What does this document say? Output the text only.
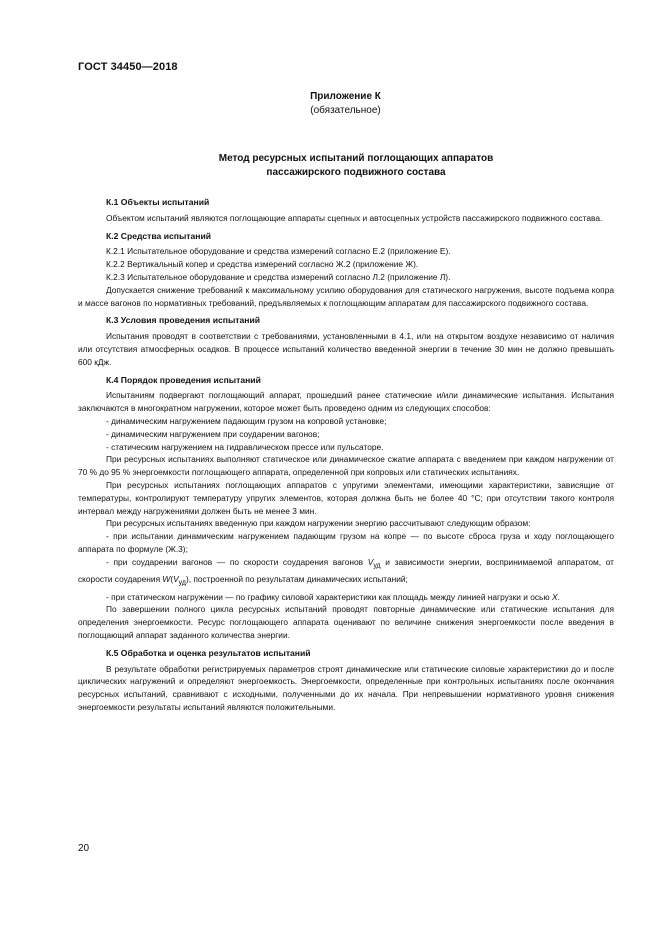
ГОСТ 34450—2018
Приложение К
(обязательное)
Метод ресурсных испытаний поглощающих аппаратов
пассажирского подвижного состава
К.1 Объекты испытаний

Объектом испытаний являются поглощающие аппараты сцепных и автосцепных устройств пассажирского подвижного состава.

К.2 Средства испытаний

К.2.1 Испытательное оборудование и средства измерений согласно Е.2 (приложение Е).

К.2.2 Вертикальный копер и средства измерений согласно Ж.2 (приложение Ж).

К.2.3 Испытательное оборудование и средства измерений согласно Л.2 (приложение Л).

Допускается снижение требований к максимальному усилию оборудования для статического нагружения, высоте подъема копра и массе вагонов по нормативных требований, предъявляемых к поглощающим аппаратам для пассажирского подвижного состава.

К.3 Условия проведения испытаний

Испытания проводят в соответствии с требованиями, установленными в 4.1, или на открытом воздухе независимо от наличия или отсутствия атмосферных осадков. В процессе испытаний количество введенной энергии в течение 30 мин не должно превышать 600 кДж.

К.4 Порядок проведения испытаний

Испытаниям подвергают поглощающий аппарат, прошедший ранее статические и/или динамические испытания. Испытания заключаются в многократном нагружении, которое может быть проведено одним из следующих способов:

- динамическим нагружением падающим грузом на копровой установке;

- динамическим нагружением при соударении вагонов;

- статическим нагружением на гидравлическом прессе или пульсаторе.

При ресурсных испытаниях выполняют статическое или динамическое сжатие аппарата с введением при каждом нагружении от 70 % до 95 % энергоемкости поглощающего аппарата, определенной при копровых или статических испытаниях.

При ресурсных испытаниях поглощающих аппаратов с упругими элементами, имеющими характеристики, зависящие от температуры, контролируют температуру упругих элементов, которая должна быть не более 40 °С; при отсутствии такого контроля интервал между нагружениями должен быть не менее 3 мин.

При ресурсных испытаниях введенную при каждом нагружении энергию рассчитывают следующим образом:

- при испытании динамическим нагружением падающим грузом на копре — по высоте сброса груза и ходу поглощающего аппарата по формуле (Ж.3);

- при соударении вагонов — по скорости соударения вагонов $V_{уд}$ и зависимости энергии, воспринимаемой аппаратом, от скорости соударения $W(V_{уд})$, построенной по результатам динамических испытаний;

- при статическом нагружении — по графику силовой характеристики как площадь между линией нагрузки и осью X.

По завершении полного цикла ресурсных испытаний проводят повторные динамические или статические испытания для определения энергоемкости. Ресурс поглощающего аппарата оценивают по величине снижения энергоемкости после введения в поглощающий аппарат заданного количества энергии.

К.5 Обработка и оценка результатов испытаний

В результате обработки регистрируемых параметров строят динамические или статические силовые характеристики до и после циклических нагружений и определяют энергоемкость. Энергоемкости, определенные при контрольных испытаниях после окончания ресурсных испытаний, сравнивают с исходными, полученными до их начала. При непревышении нормативного уровня снижения энергоемкости результаты испытаний являются положительными.

20
